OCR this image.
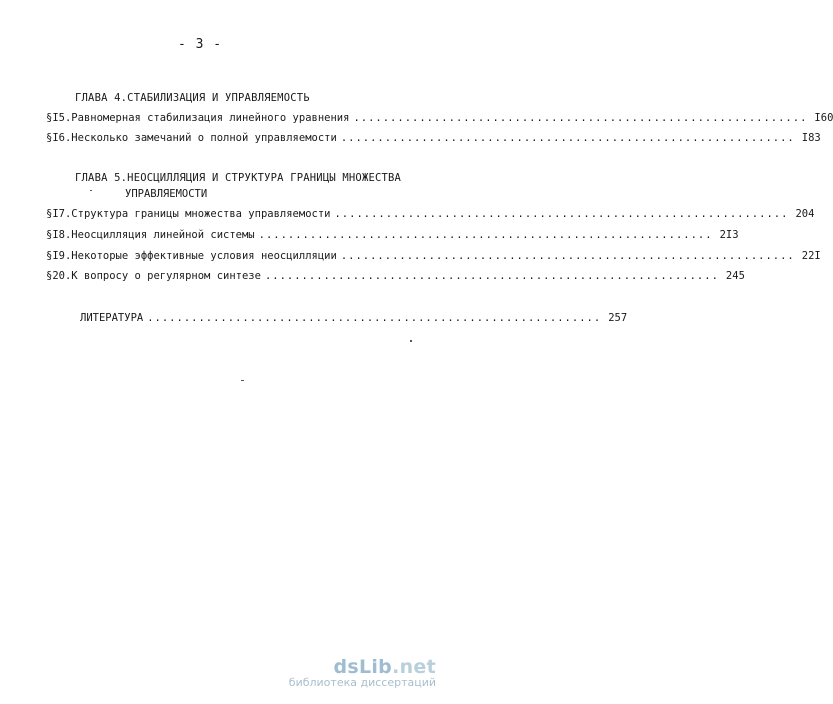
- 3 -
ГЛАВА 4.СТАБИЛИЗАЦИЯ И УПРАВЛЯЕМОСТЬ
§I5. Равномерная стабилизация линейного уравнения .............................................................. I60
§I6. Несколько замечаний о полной управляемости .............................................................. I83
ГЛАВА 5.НЕОСЦИЛЛЯЦИЯ И СТРУКТУРА ГРАНИЦЫ МНОЖЕСТВА
УПРАВЛЯЕМОСТИ
§I7. Структура границы множества управляемости .............................................................. 204
§I8. Неосцилляция линейной системы .............................................................. 2I3
§I9. Некоторые эффективные условия неосцилляции .............................................................. 22I
§20. К вопросу о регулярном синтезе .............................................................. 245
ЛИТЕРАТУРА .............................................................. 257
dsLib.net
библиотека диссертаций
